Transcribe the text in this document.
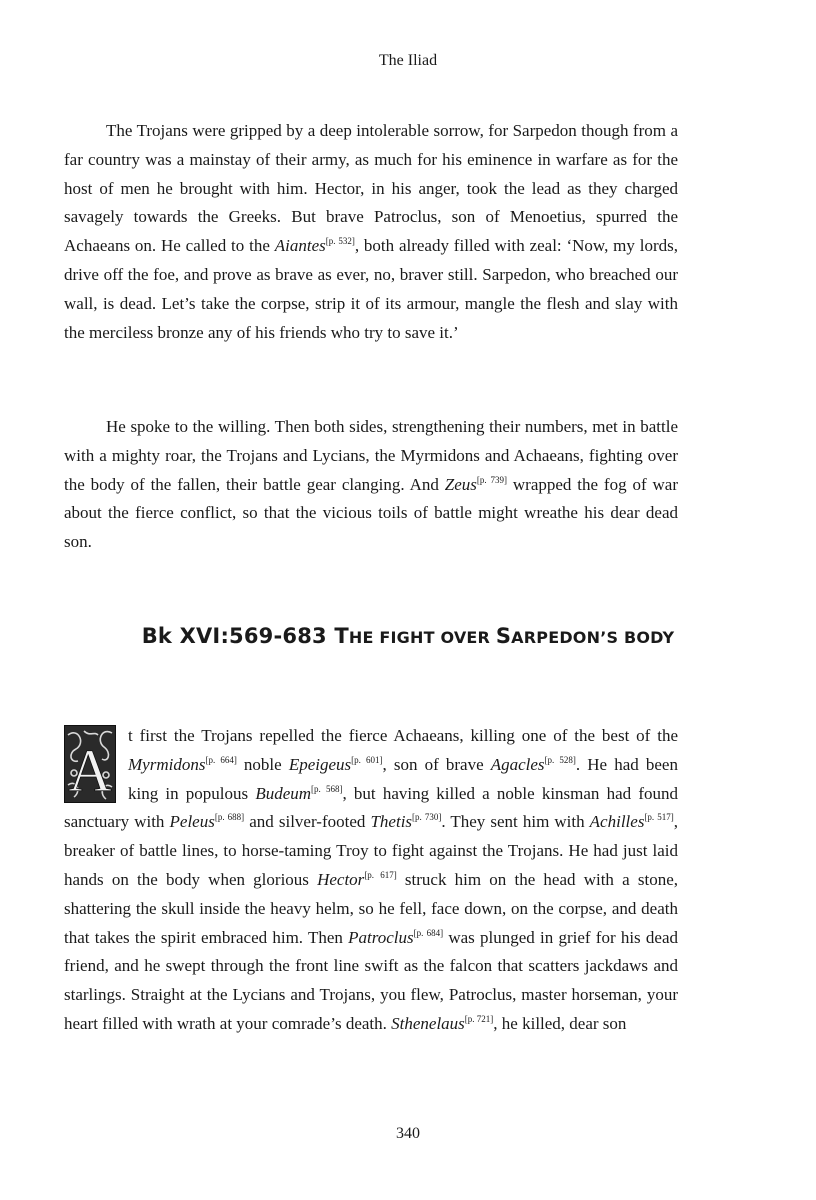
The Iliad

The Trojans were gripped by a deep intolerable sorrow, for Sarpedon though from a far country was a mainstay of their army, as much for his eminence in warfare as for the host of men he brought with him. Hector, in his anger, took the lead as they charged savagely towards the Greeks. But brave Patroclus, son of Menoetius, spurred the Achaeans on. He called to the Aiantes[p. 532], both already filled with zeal: ‘Now, my lords, drive off the foe, and prove as brave as ever, no, braver still. Sarpedon, who breached our wall, is dead. Let’s take the corpse, strip it of its armour, mangle the flesh and slay with the merciless bronze any of his friends who try to save it.’

He spoke to the willing. Then both sides, strengthening their numbers, met in battle with a mighty roar, the Trojans and Lycians, the Myrmidons and Achaeans, fighting over the body of the fallen, their battle gear clanging. And Zeus[p. 739] wrapped the fog of war about the fierce conflict, so that the vicious toils of battle might wreathe his dear dead son.

Bk XVI:569-683 THE FIGHT OVER SARPEDON’S BODY
A

t first the Trojans repelled the fierce Achaeans, killing one of the best of the Myrmidons[p. 664] noble Epeigeus[p. 601], son of brave Agacles[p. 528]. He had been king in populous Budeum[p. 568], but having killed a noble kinsman had found sanctuary with Peleus[p. 688] and silver-footed Thetis[p. 730]. They sent him with Achilles[p. 517], breaker of battle lines, to horse-taming Troy to fight against the Trojans. He had just laid hands on the body when glorious Hector[p. 617] struck him on the head with a stone, shattering the skull inside the heavy helm, so he fell, face down, on the corpse, and death that takes the spirit embraced him. Then Patroclus[p. 684] was plunged in grief for his dead friend, and he swept through the front line swift as the falcon that scatters jackdaws and starlings. Straight at the Lycians and Trojans, you flew, Patroclus, master horseman, your heart filled with wrath at your comrade’s death. Sthenelaus[p. 721], he killed, dear son

340
